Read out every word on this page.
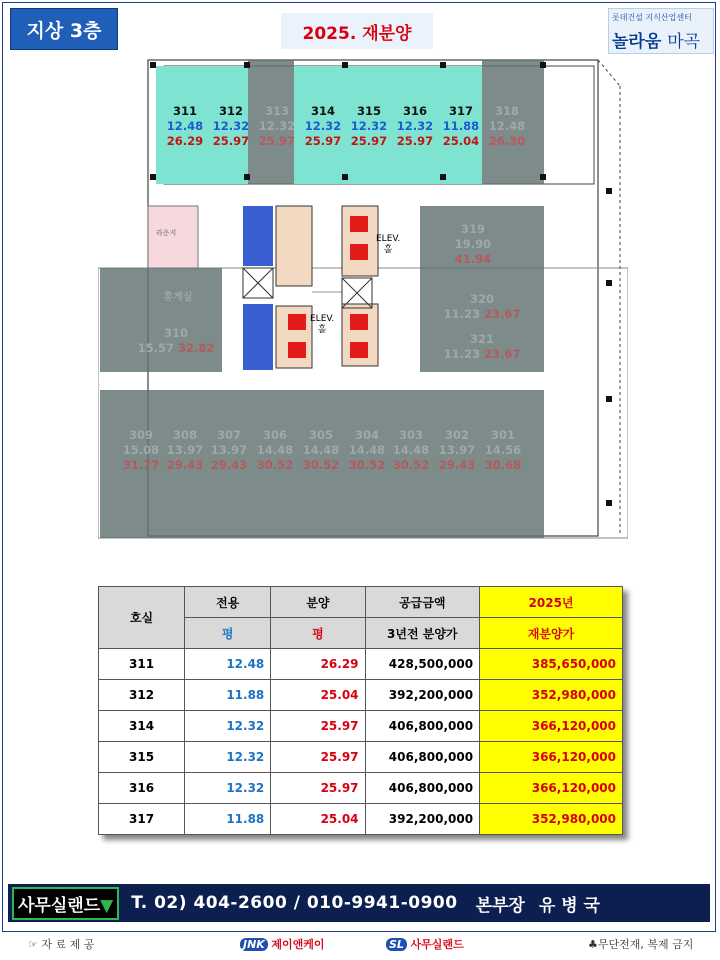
지상 3층	2025. 재분양
롯데건설 지식산업센터
놀라움 마곡
311
12.48
26.29
312
12.32
25.97
313
12.32
25.97
314
12.32
25.97
315
12.32
25.97
316
12.32
25.97
317
11.88
25.04
318
12.48
26.30
319
19.90
41.94
320
11.23 23.67
321
11.23 23.67
휴게실
310
15.57 32.82
309
15.08
31.77
308
13.97
29.43
307
13.97
29.43
306
14.48
30.52
305
14.48
30.52
304
14.48
30.52
303
14.48
30.52
302
13.97
29.43
301
14.56
30.68
ELEV.
홀
ELEV.
홀
라운지
호실	전용	분양	공급금액	2025년
	평	평	3년전 분양가	재분양가
311	12.48	26.29	428,500,000	385,650,000
312	11.88	25.04	392,200,000	352,980,000
314	12.32	25.97	406,800,000	366,120,000
315	12.32	25.97	406,800,000	366,120,000
316	12.32	25.97	406,800,000	366,120,000
317	11.88	25.04	392,200,000	352,980,000
사무실랜드▼	T. 02) 404-2600 / 010-9941-0900 본부장 유 병 국
☞ 자 료 제 공	JNK 제이앤케이	SL 사무실랜드	♣무단전재, 복제 금지
